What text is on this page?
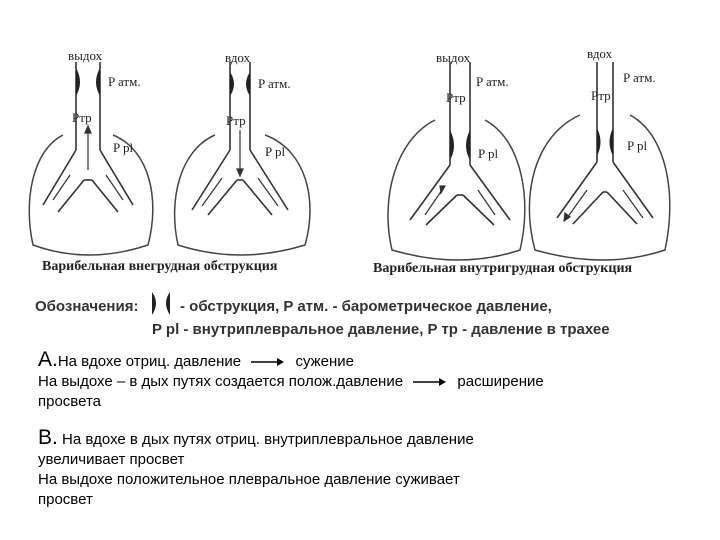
выдох
P атм.
Pтр
P pl
вдох
P атм.
Pтр
P pl
выдох
P атм.
Pтр
P pl
вдох
P атм.
Pтр
P pl
Варибельная внегрудная обструкция	Варибельная внутригрудная обструкция
Обозначения:	- обструкция, P атм. - барометрическое давление,
P pl - внутриплевральное давление, P тр - давление в трахее
A.На вдохе отриц. давление	сужение
На выдохе – в дых путях создается полож.давление	расширение
просвета
B. На вдохе в дых путях отриц. внутриплевральное давление
увеличивает просвет
На выдохе положительное плевральное давление суживает
просвет
